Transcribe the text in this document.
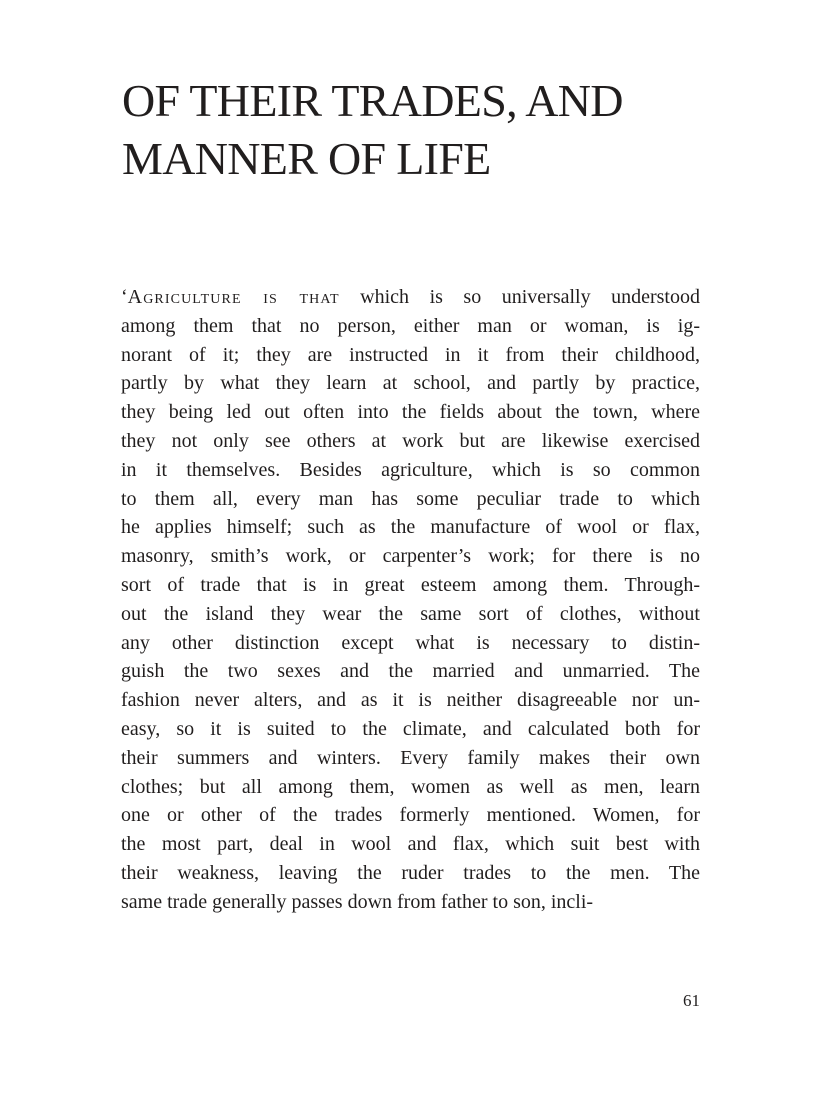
OF THEIR TRADES, AND
MANNER OF LIFE
‘Agriculture is that which is so universally understood
among them that no person, either man or woman, is ig-
norant of it; they are instructed in it from their childhood,
partly by what they learn at school, and partly by practice,
they being led out often into the fields about the town, where
they not only see others at work but are likewise exercised
in it themselves. Besides agriculture, which is so common
to them all, every man has some peculiar trade to which
he applies himself; such as the manufacture of wool or flax,
masonry, smith’s work, or carpenter’s work; for there is no
sort of trade that is in great esteem among them. Through-
out the island they wear the same sort of clothes, without
any other distinction except what is necessary to distin-
guish the two sexes and the married and unmarried. The
fashion never alters, and as it is neither disagreeable nor un-
easy, so it is suited to the climate, and calculated both for
their summers and winters. Every family makes their own
clothes; but all among them, women as well as men, learn
one or other of the trades formerly mentioned. Women, for
the most part, deal in wool and flax, which suit best with
their weakness, leaving the ruder trades to the men. The
same trade generally passes down from father to son, incli-
61
